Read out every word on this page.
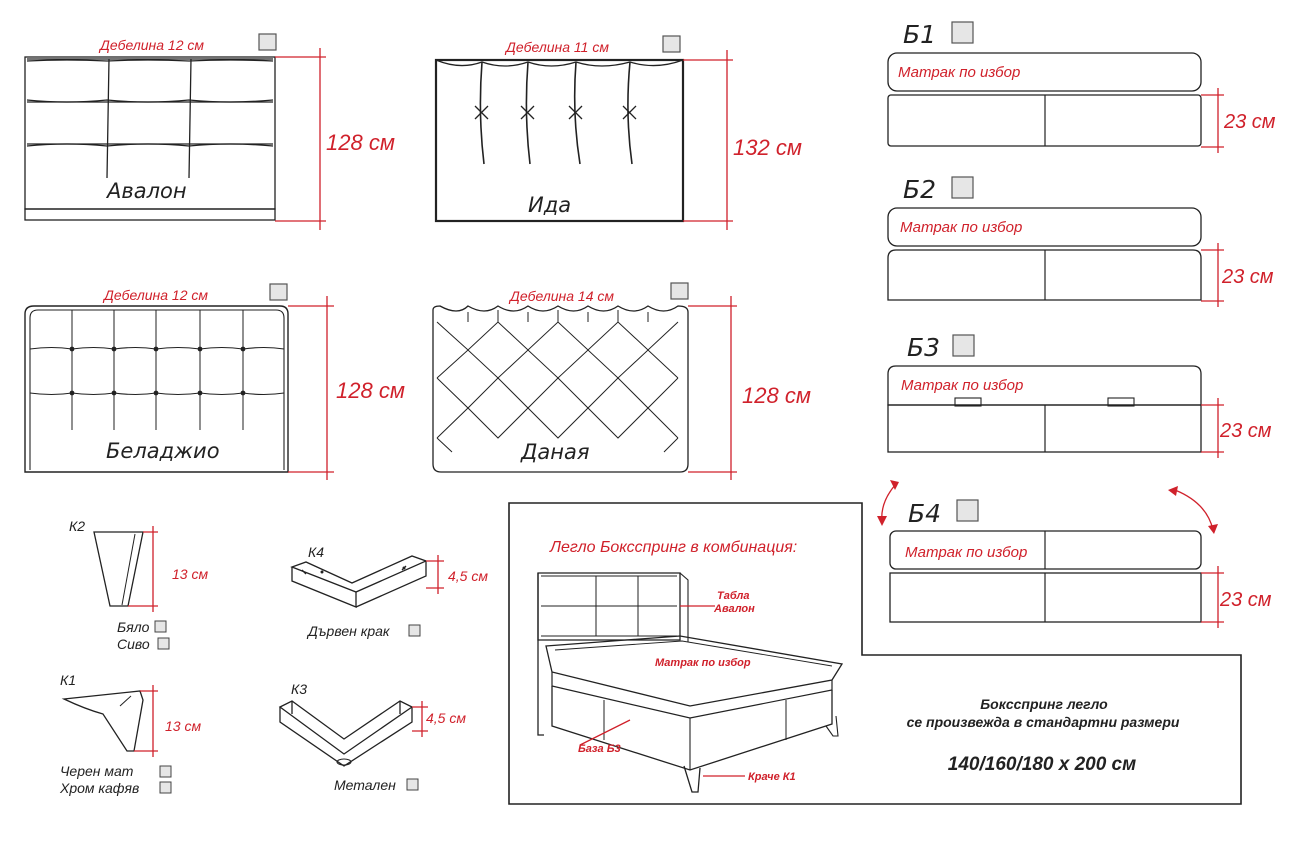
Дебелина 12 см
Авалон
128 см
Дебелина 11 см
Ида
132 см
Дебелина 12 см
Беладжио
128 см
Дебелина 14 см
Даная
128 см
Б1
Матрак по избор
23 см
Б2
Матрак по избор
23 см
Б3
Матрак по избор
23 см
Б4
Матрак по избор
23 см
К2
13 см
Бяло
Сиво
К1
13 см
Черен мат
Хром кафяв
К4
4,5 см
Дървен крак
К3
4,5 см
Метален
Легло Боксспринг в комбинация:
Табла
Авалон
Матрак по избор
База Б3
Краче К1
Боксспринг легло
се произвежда в стандартни размери
140/160/180 x 200 см
